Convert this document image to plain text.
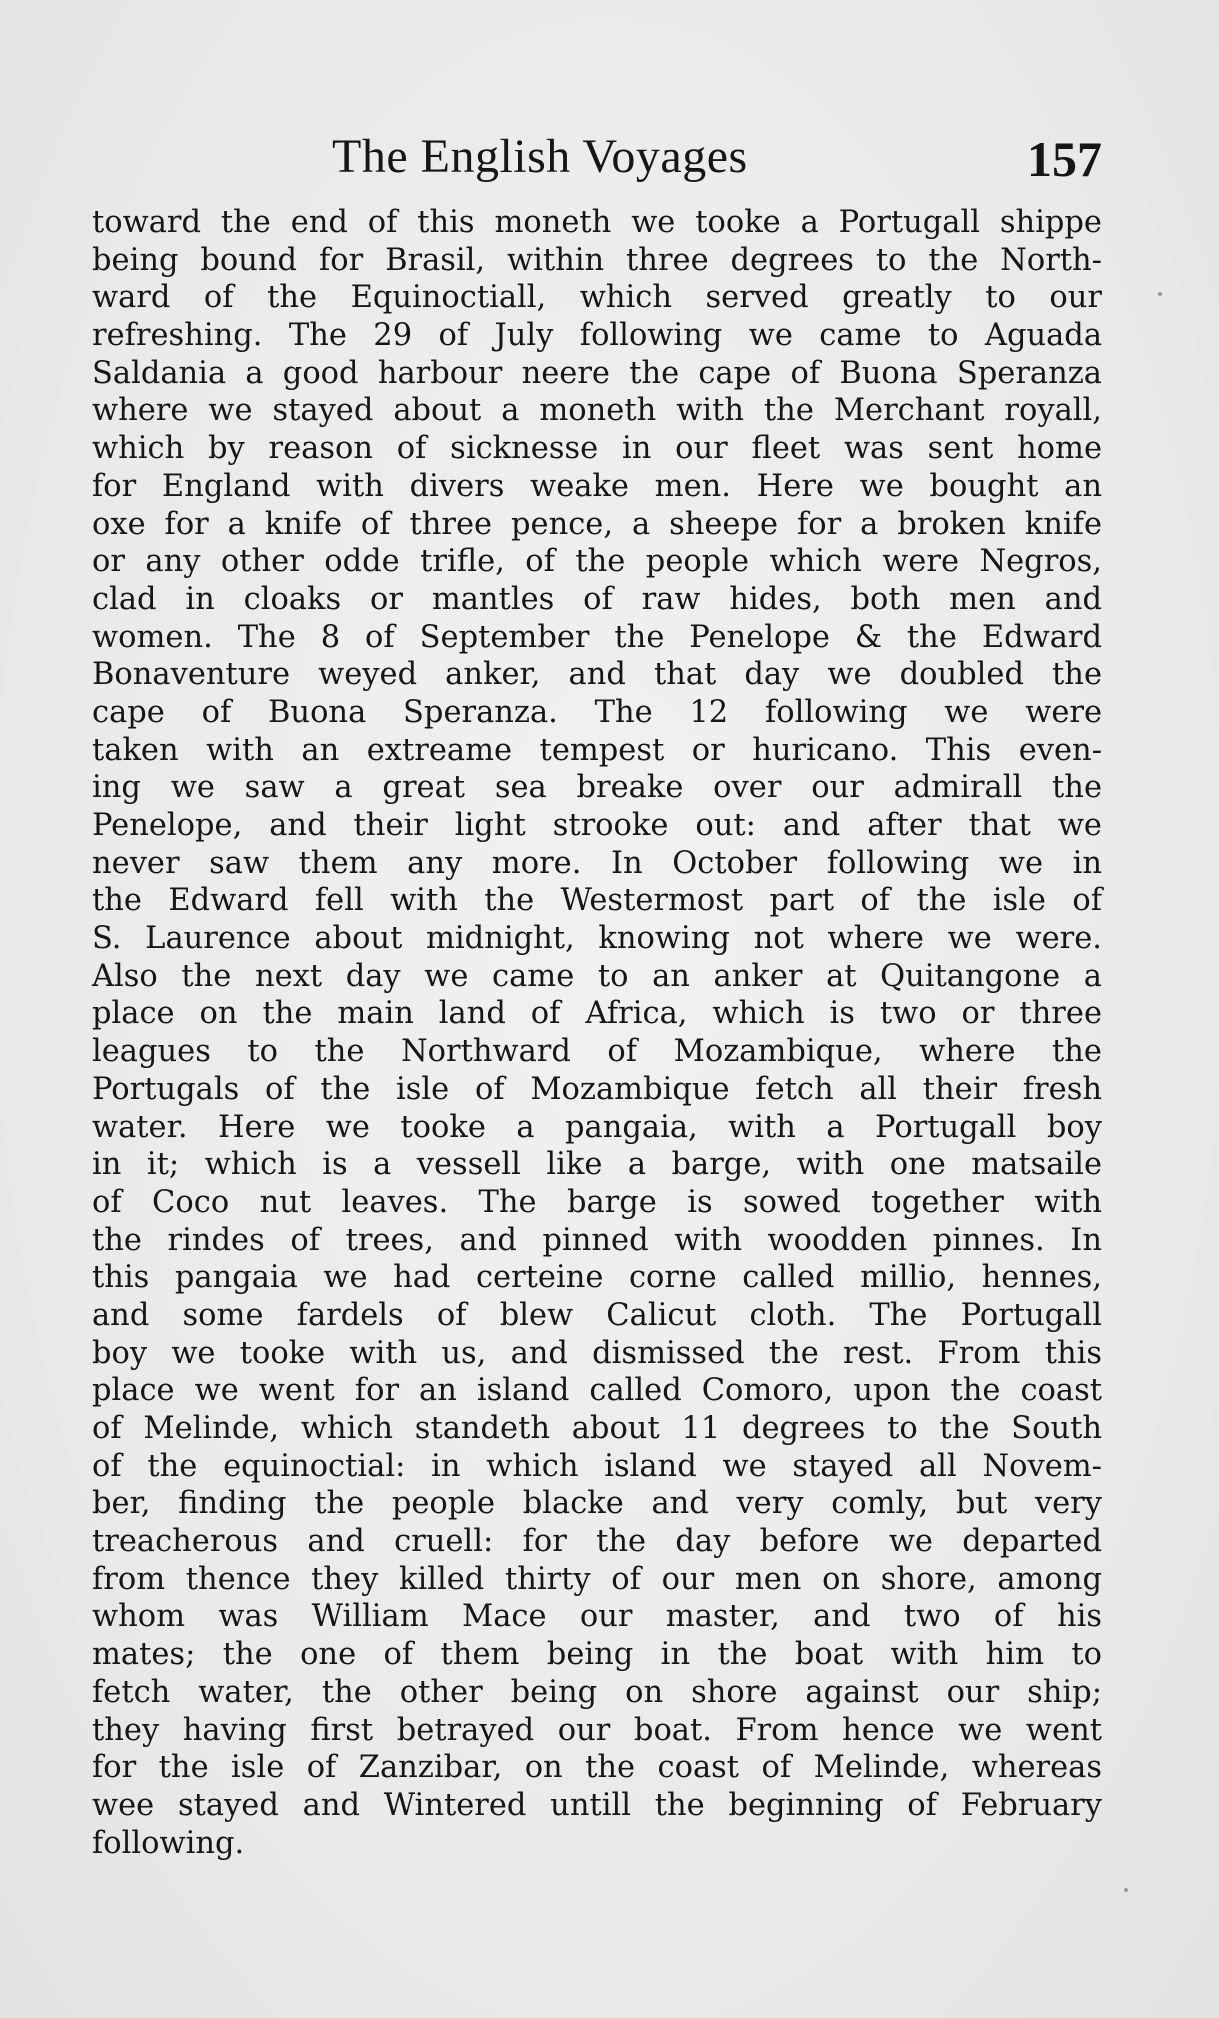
The English Voyages	157
toward the end of this moneth we tooke a Portugall shippe
being bound for Brasil, within three degrees to the North-
ward of the Equinoctiall, which served greatly to our
refreshing. The 29 of July following we came to Aguada
Saldania a good harbour neere the cape of Buona Speranza
where we stayed about a moneth with the Merchant royall,
which by reason of sicknesse in our fleet was sent home
for England with divers weake men. Here we bought an
oxe for a knife of three pence, a sheepe for a broken knife
or any other odde trifle, of the people which were Negros,
clad in cloaks or mantles of raw hides, both men and
women. The 8 of September the Penelope & the Edward
Bonaventure weyed anker, and that day we doubled the
cape of Buona Speranza. The 12 following we were
taken with an extreame tempest or huricano. This even-
ing we saw a great sea breake over our admirall the
Penelope, and their light strooke out: and after that we
never saw them any more. In October following we in
the Edward fell with the Westermost part of the isle of
S. Laurence about midnight, knowing not where we were.
Also the next day we came to an anker at Quitangone a
place on the main land of Africa, which is two or three
leagues to the Northward of Mozambique, where the
Portugals of the isle of Mozambique fetch all their fresh
water. Here we tooke a pangaia, with a Portugall boy
in it; which is a vessell like a barge, with one matsaile
of Coco nut leaves. The barge is sowed together with
the rindes of trees, and pinned with woodden pinnes. In
this pangaia we had certeine corne called millio, hennes,
and some fardels of blew Calicut cloth. The Portugall
boy we tooke with us, and dismissed the rest. From this
place we went for an island called Comoro, upon the coast
of Melinde, which standeth about 11 degrees to the South
of the equinoctial: in which island we stayed all Novem-
ber, finding the people blacke and very comly, but very
treacherous and cruell: for the day before we departed
from thence they killed thirty of our men on shore, among
whom was William Mace our master, and two of his
mates; the one of them being in the boat with him to
fetch water, the other being on shore against our ship;
they having first betrayed our boat. From hence we went
for the isle of Zanzibar, on the coast of Melinde, whereas
wee stayed and Wintered untill the beginning of February
following.
